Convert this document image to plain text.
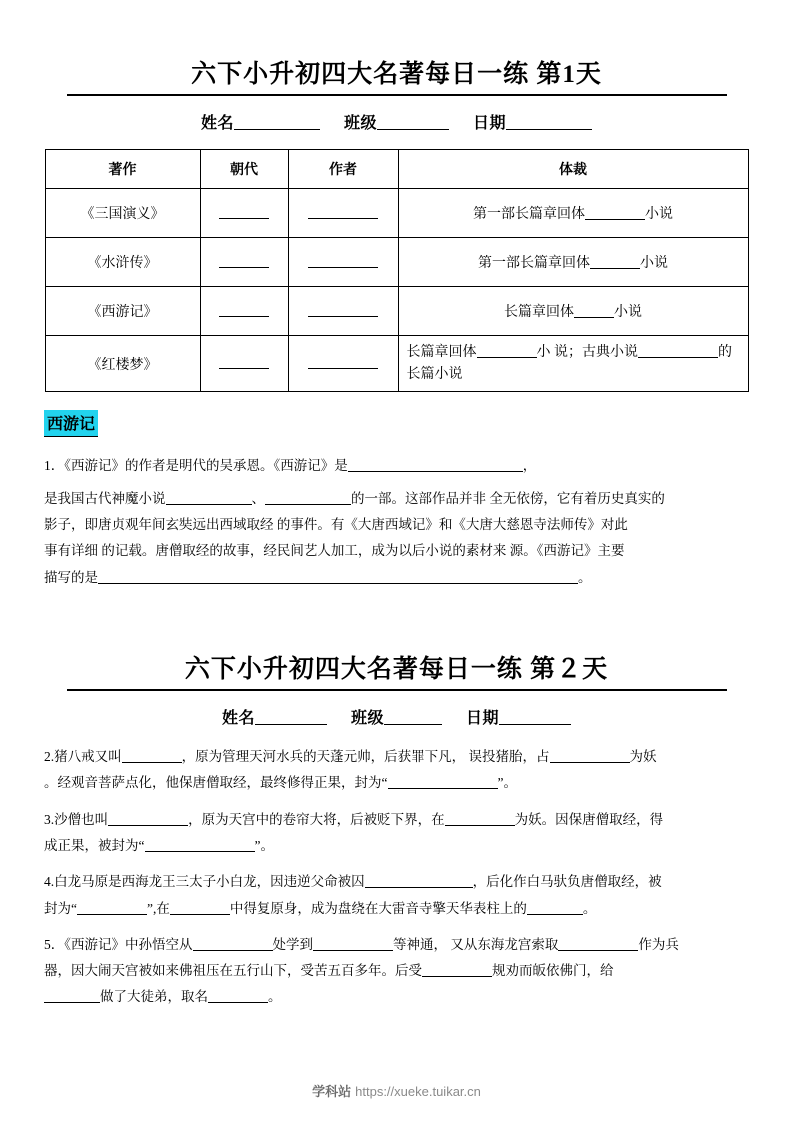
六下小升初四大名著每日一练 第1天
姓名	班级	日期
著作	朝代	作者	体裁
《三国演义》			第一部长篇章回体 小说
《水浒传》			第一部长篇章回体 小说
《西游记》			长篇章回体 小说
《红楼梦》			长篇章回体 小 说；古典小说 的长篇小说
西游记
1．《西游记》的作者是明代的吴承恩。《西游记》是	，
是我国古代神魔小说	、	的一部。这部作品并非 全无依傍，它有着历史真实的
影子，即唐贞观年间玄奘远出西域取经 的事件。有《大唐西域记》和《大唐大慈恩寺法师传》对此
事有详细 的记载。唐僧取经的故事，经民间艺人加工，成为以后小说的素材来 源。《西游记》主要
描写的是	。
六下小升初四大名著每日一练 第２天
姓名	班级	日期
2.猪八戒又叫	，原为管理天河水兵的天蓬元帅，后获罪下凡， 误投猪胎，占	为妖
。经观音菩萨点化，他保唐僧取经，最终修得正果，封为“	”。
3.沙僧也叫	，原为天宫中的卷帘大将，后被贬下界，在	为妖。因保唐僧取经，得
成正果，被封为“	”。
4.白龙马原是西海龙王三太子小白龙，因违逆父命被囚	，后化作白马驮负唐僧取经，被
封为“	”,在	中得复原身，成为盘绕在大雷音寺擎天华表柱上的	。
5．《西游记》中孙悟空从	处学到	等神通， 又从东海龙宫索取	作为兵
器，因大闹天宫被如来佛祖压在五行山下，受苦五百多年。后受	规劝而皈依佛门，给
做了大徒弟，取名	。
学科站 https://xueke.tuikar.cn
